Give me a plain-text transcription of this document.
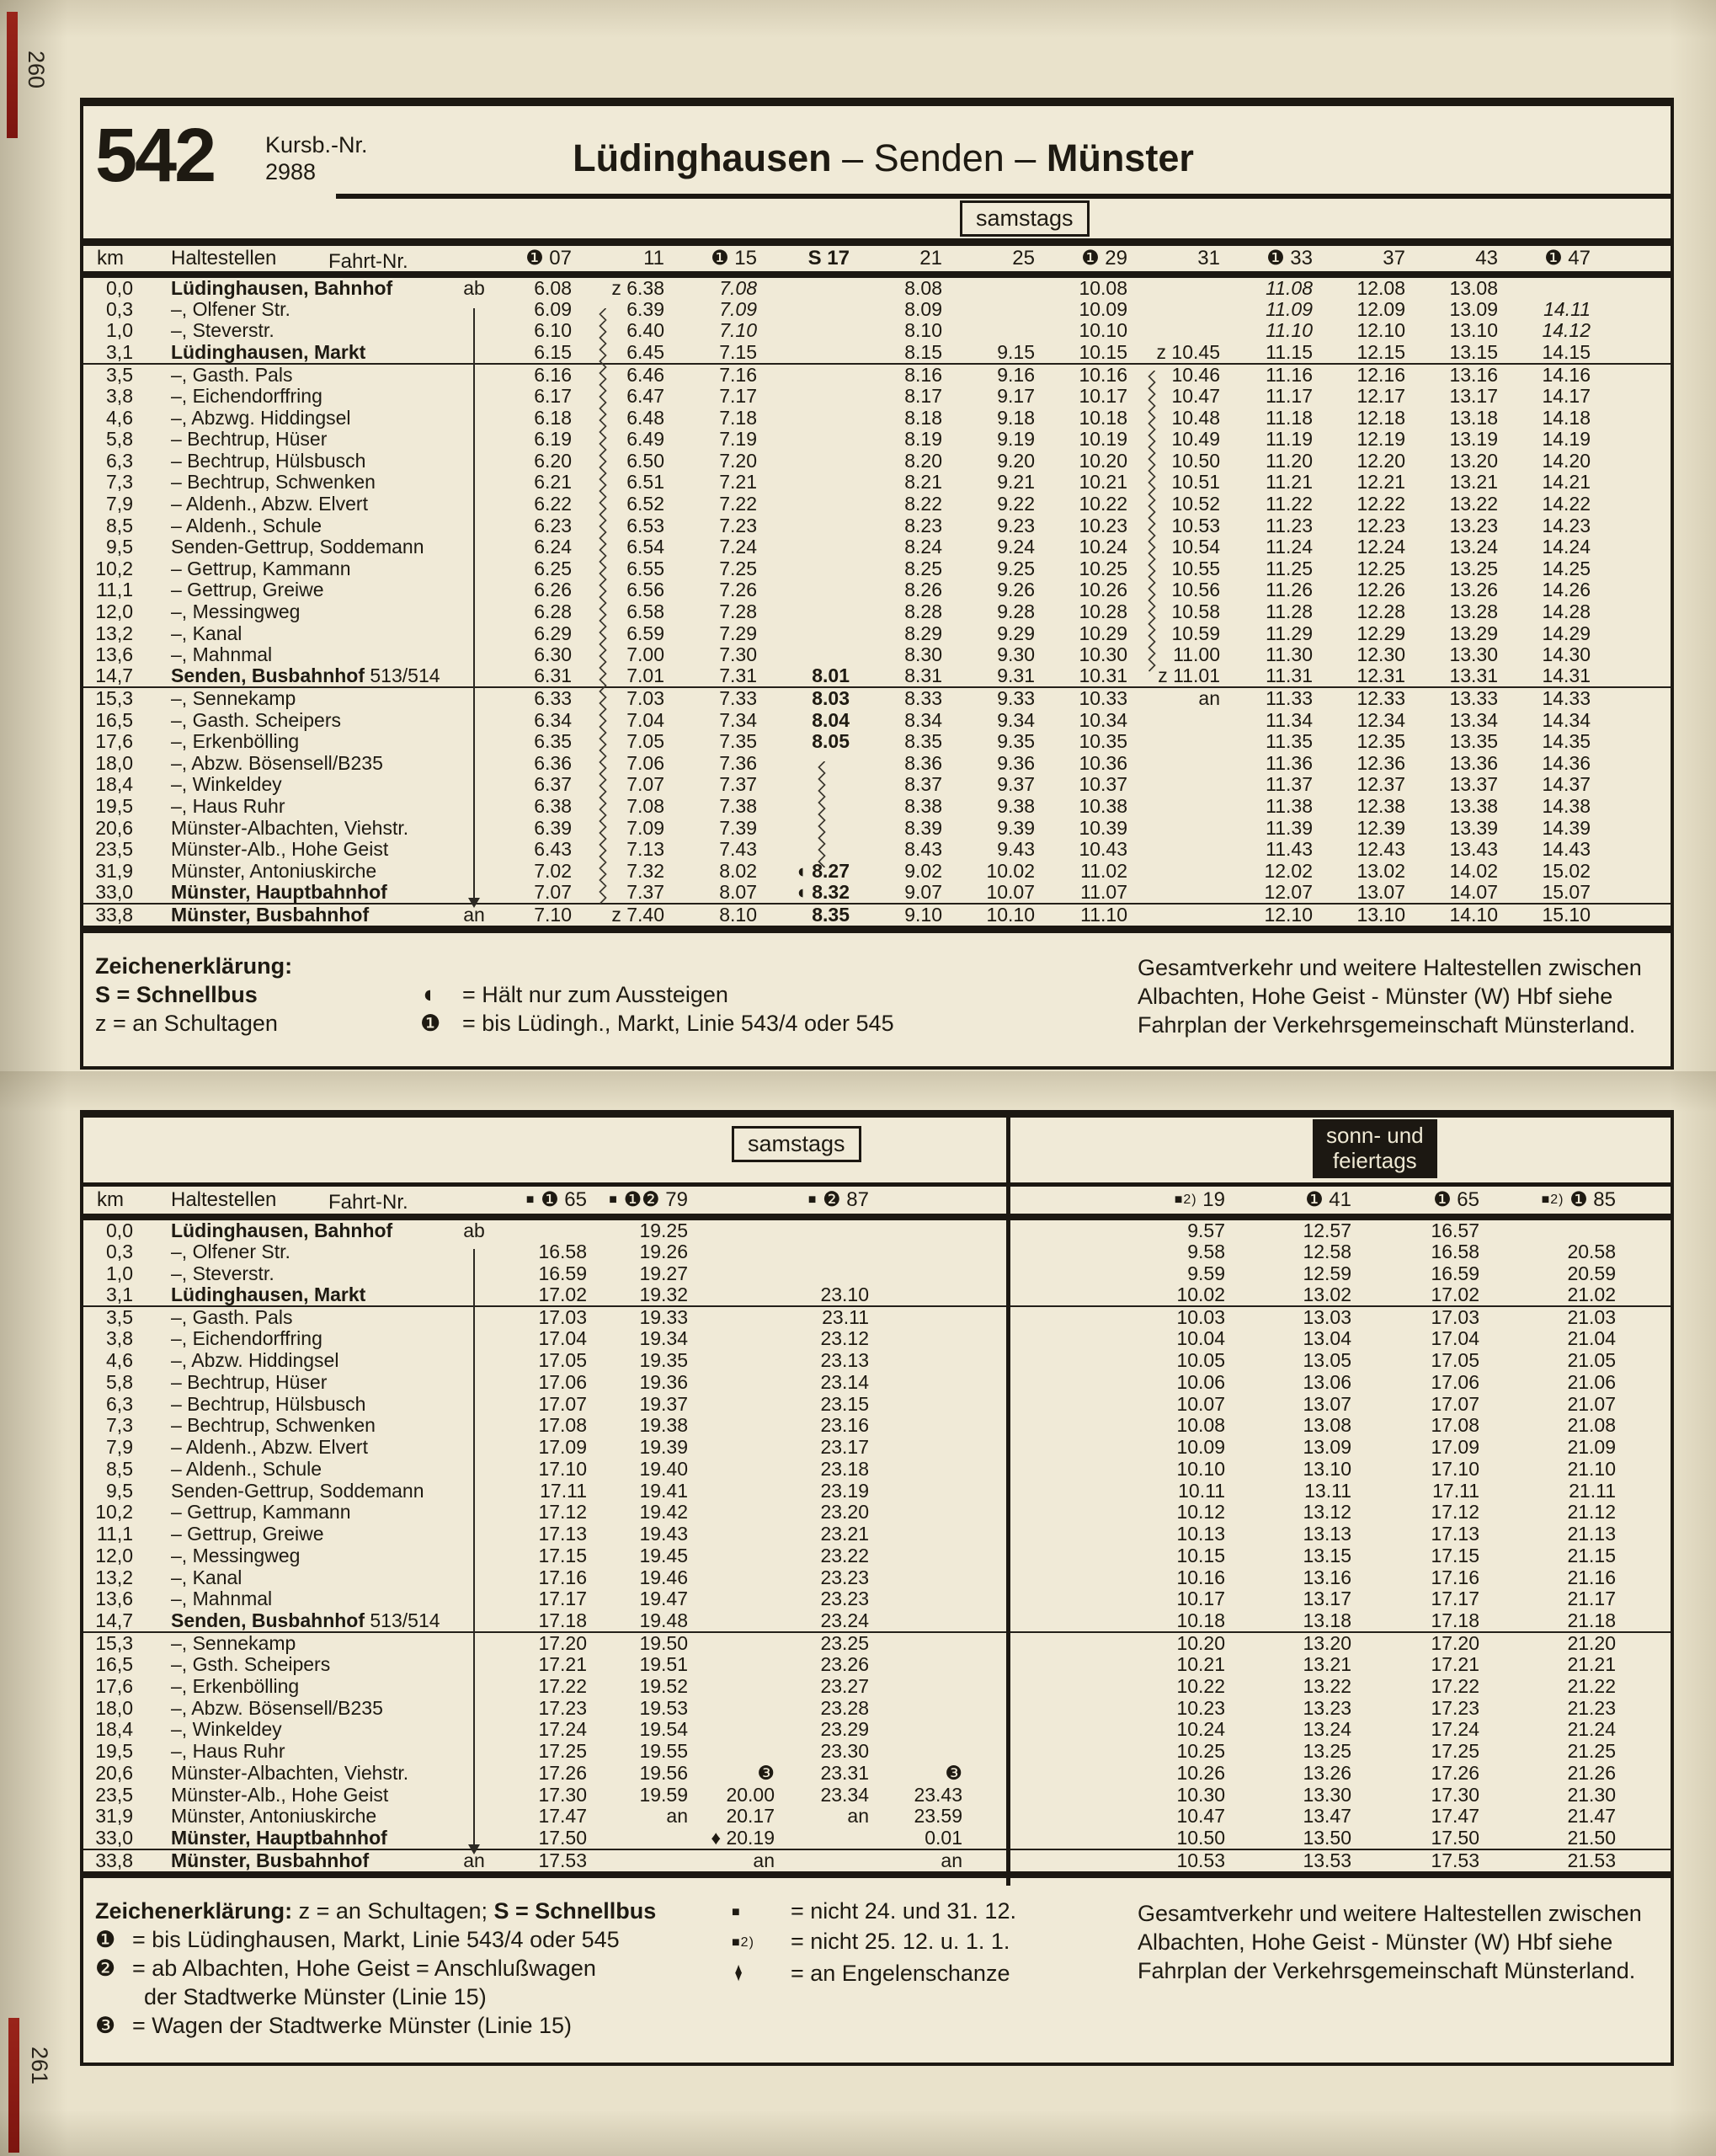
260
261
542 Kursb.-Nr.
2988	Lüdinghausen – Senden – Münster
samstags
km	Haltestellen Fahrt-Nr.		❶ 07	11	❶ 15	S 17	21	25	❶ 29	31	❶ 33	37	43	❶ 47	
0,0	Lüdinghausen, Bahnhof	ab	6.08	z 6.38	7.08		8.08		10.08		11.08	12.08	13.08		
0,3	–, Olfener Str.		6.09	6.39	7.09		8.09		10.09		11.09	12.09	13.09	14.11	
1,0	–, Steverstr.		6.10	6.40	7.10		8.10		10.10		11.10	12.10	13.10	14.12	
3,1	Lüdinghausen, Markt		6.15	6.45	7.15		8.15	9.15	10.15	z 10.45	11.15	12.15	13.15	14.15	
3,5	–, Gasth. Pals		6.16	6.46	7.16		8.16	9.16	10.16	10.46	11.16	12.16	13.16	14.16	
3,8	–, Eichendorffring		6.17	6.47	7.17		8.17	9.17	10.17	10.47	11.17	12.17	13.17	14.17	
4,6	–, Abzwg. Hiddingsel		6.18	6.48	7.18		8.18	9.18	10.18	10.48	11.18	12.18	13.18	14.18	
5,8	– Bechtrup, Hüser		6.19	6.49	7.19		8.19	9.19	10.19	10.49	11.19	12.19	13.19	14.19	
6,3	– Bechtrup, Hülsbusch		6.20	6.50	7.20		8.20	9.20	10.20	10.50	11.20	12.20	13.20	14.20	
7,3	– Bechtrup, Schwenken		6.21	6.51	7.21		8.21	9.21	10.21	10.51	11.21	12.21	13.21	14.21	
7,9	– Aldenh., Abzw. Elvert		6.22	6.52	7.22		8.22	9.22	10.22	10.52	11.22	12.22	13.22	14.22	
8,5	– Aldenh., Schule		6.23	6.53	7.23		8.23	9.23	10.23	10.53	11.23	12.23	13.23	14.23	
9,5	Senden-Gettrup, Soddemann		6.24	6.54	7.24		8.24	9.24	10.24	10.54	11.24	12.24	13.24	14.24	
10,2	– Gettrup, Kammann		6.25	6.55	7.25		8.25	9.25	10.25	10.55	11.25	12.25	13.25	14.25	
11,1	– Gettrup, Greiwe		6.26	6.56	7.26		8.26	9.26	10.26	10.56	11.26	12.26	13.26	14.26	
12,0	–, Messingweg		6.28	6.58	7.28		8.28	9.28	10.28	10.58	11.28	12.28	13.28	14.28	
13,2	–, Kanal		6.29	6.59	7.29		8.29	9.29	10.29	10.59	11.29	12.29	13.29	14.29	
13,6	–, Mahnmal		6.30	7.00	7.30		8.30	9.30	10.30	11.00	11.30	12.30	13.30	14.30	
14,7	Senden, Busbahnhof 513/514		6.31	7.01	7.31	8.01	8.31	9.31	10.31	z 11.01	11.31	12.31	13.31	14.31	
15,3	–, Sennekamp		6.33	7.03	7.33	8.03	8.33	9.33	10.33	an	11.33	12.33	13.33	14.33	
16,5	–, Gasth. Scheipers		6.34	7.04	7.34	8.04	8.34	9.34	10.34		11.34	12.34	13.34	14.34	
17,6	–, Erkenbölling		6.35	7.05	7.35	8.05	8.35	9.35	10.35		11.35	12.35	13.35	14.35	
18,0	–, Abzw. Bösensell/B235		6.36	7.06	7.36		8.36	9.36	10.36		11.36	12.36	13.36	14.36	
18,4	–, Winkeldey		6.37	7.07	7.37		8.37	9.37	10.37		11.37	12.37	13.37	14.37	
19,5	–, Haus Ruhr		6.38	7.08	7.38		8.38	9.38	10.38		11.38	12.38	13.38	14.38	
20,6	Münster-Albachten, Viehstr.		6.39	7.09	7.39		8.39	9.39	10.39		11.39	12.39	13.39	14.39	
23,5	Münster-Alb., Hohe Geist		6.43	7.13	7.43		8.43	9.43	10.43		11.43	12.43	13.43	14.43	
31,9	Münster, Antoniuskirche		7.02	7.32	8.02	◖ 8.27	9.02	10.02	11.02		12.02	13.02	14.02	15.02	
33,0	Münster, Hauptbahnhof		7.07	7.37	8.07	◖ 8.32	9.07	10.07	11.07		12.07	13.07	14.07	15.07	
33,8	Münster, Busbahnhof	an	7.10	z 7.40	8.10	8.35	9.10	10.10	11.10		12.10	13.10	14.10	15.10	
Zeichenerklärung:
S = Schnellbus
z = an Schultagen
◖ = Hält nur zum Aussteigen
❶ = bis Lüdingh., Markt, Linie 543/4 oder 545
Gesamtverkehr und weitere Haltestellen zwischen
Albachten, Hohe Geist - Münster (W) Hbf siehe
Fahrplan der Verkehrsgemeinschaft Münsterland.
samstags	sonn- und
feiertags
km	Haltestellen Fahrt-Nr.		■ ❶ 65	■ ❶❷ 79		■ ❷ 87		■2) 19	❶ 41	❶ 65	■2) ❶ 85
0,0	Lüdinghausen, Bahnhof	ab		19.25				9.57	12.57	16.57	
0,3	–, Olfener Str.		16.58	19.26				9.58	12.58	16.58	20.58
1,0	–, Steverstr.		16.59	19.27				9.59	12.59	16.59	20.59
3,1	Lüdinghausen, Markt		17.02	19.32		23.10		10.02	13.02	17.02	21.02
3,5	–, Gasth. Pals		17.03	19.33		23.11		10.03	13.03	17.03	21.03
3,8	–, Eichendorffring		17.04	19.34		23.12		10.04	13.04	17.04	21.04
4,6	–, Abzw. Hiddingsel		17.05	19.35		23.13		10.05	13.05	17.05	21.05
5,8	– Bechtrup, Hüser		17.06	19.36		23.14		10.06	13.06	17.06	21.06
6,3	– Bechtrup, Hülsbusch		17.07	19.37		23.15		10.07	13.07	17.07	21.07
7,3	– Bechtrup, Schwenken		17.08	19.38		23.16		10.08	13.08	17.08	21.08
7,9	– Aldenh., Abzw. Elvert		17.09	19.39		23.17		10.09	13.09	17.09	21.09
8,5	– Aldenh., Schule		17.10	19.40		23.18		10.10	13.10	17.10	21.10
9,5	Senden-Gettrup, Soddemann		17.11	19.41		23.19		10.11	13.11	17.11	21.11
10,2	– Gettrup, Kammann		17.12	19.42		23.20		10.12	13.12	17.12	21.12
11,1	– Gettrup, Greiwe		17.13	19.43		23.21		10.13	13.13	17.13	21.13
12,0	–, Messingweg		17.15	19.45		23.22		10.15	13.15	17.15	21.15
13,2	–, Kanal		17.16	19.46		23.23		10.16	13.16	17.16	21.16
13,6	–, Mahnmal		17.17	19.47		23.23		10.17	13.17	17.17	21.17
14,7	Senden, Busbahnhof 513/514		17.18	19.48		23.24		10.18	13.18	17.18	21.18
15,3	–, Sennekamp		17.20	19.50		23.25		10.20	13.20	17.20	21.20
16,5	–, Gsth. Scheipers		17.21	19.51		23.26		10.21	13.21	17.21	21.21
17,6	–, Erkenbölling		17.22	19.52		23.27		10.22	13.22	17.22	21.22
18,0	–, Abzw. Bösensell/B235		17.23	19.53		23.28		10.23	13.23	17.23	21.23
18,4	–, Winkeldey		17.24	19.54		23.29		10.24	13.24	17.24	21.24
19,5	–, Haus Ruhr		17.25	19.55		23.30		10.25	13.25	17.25	21.25
20,6	Münster-Albachten, Viehstr.		17.26	19.56	❸	23.31	❸	10.26	13.26	17.26	21.26
23,5	Münster-Alb., Hohe Geist		17.30	19.59	20.00	23.34	23.43	10.30	13.30	17.30	21.30
31,9	Münster, Antoniuskirche		17.47	an	20.17	an	23.59	10.47	13.47	17.47	21.47
33,0	Münster, Hauptbahnhof		17.50		♦ 20.19		0.01	10.50	13.50	17.50	21.50
33,8	Münster, Busbahnhof	an	17.53		an		an	10.53	13.53	17.53	21.53
Zeichenerklärung: z = an Schultagen; S = Schnellbus
❶ = bis Lüdinghausen, Markt, Linie 543/4 oder 545
❷ = ab Albachten, Hohe Geist = Anschlußwagen
der Stadtwerke Münster (Linie 15)
❸ = Wagen der Stadtwerke Münster (Linie 15)
■ = nicht 24. und 31. 12.
■2) = nicht 25. 12. u. 1. 1.
♦ = an Engelenschanze
Gesamtverkehr und weitere Haltestellen zwischen
Albachten, Hohe Geist - Münster (W) Hbf siehe
Fahrplan der Verkehrsgemeinschaft Münsterland.
